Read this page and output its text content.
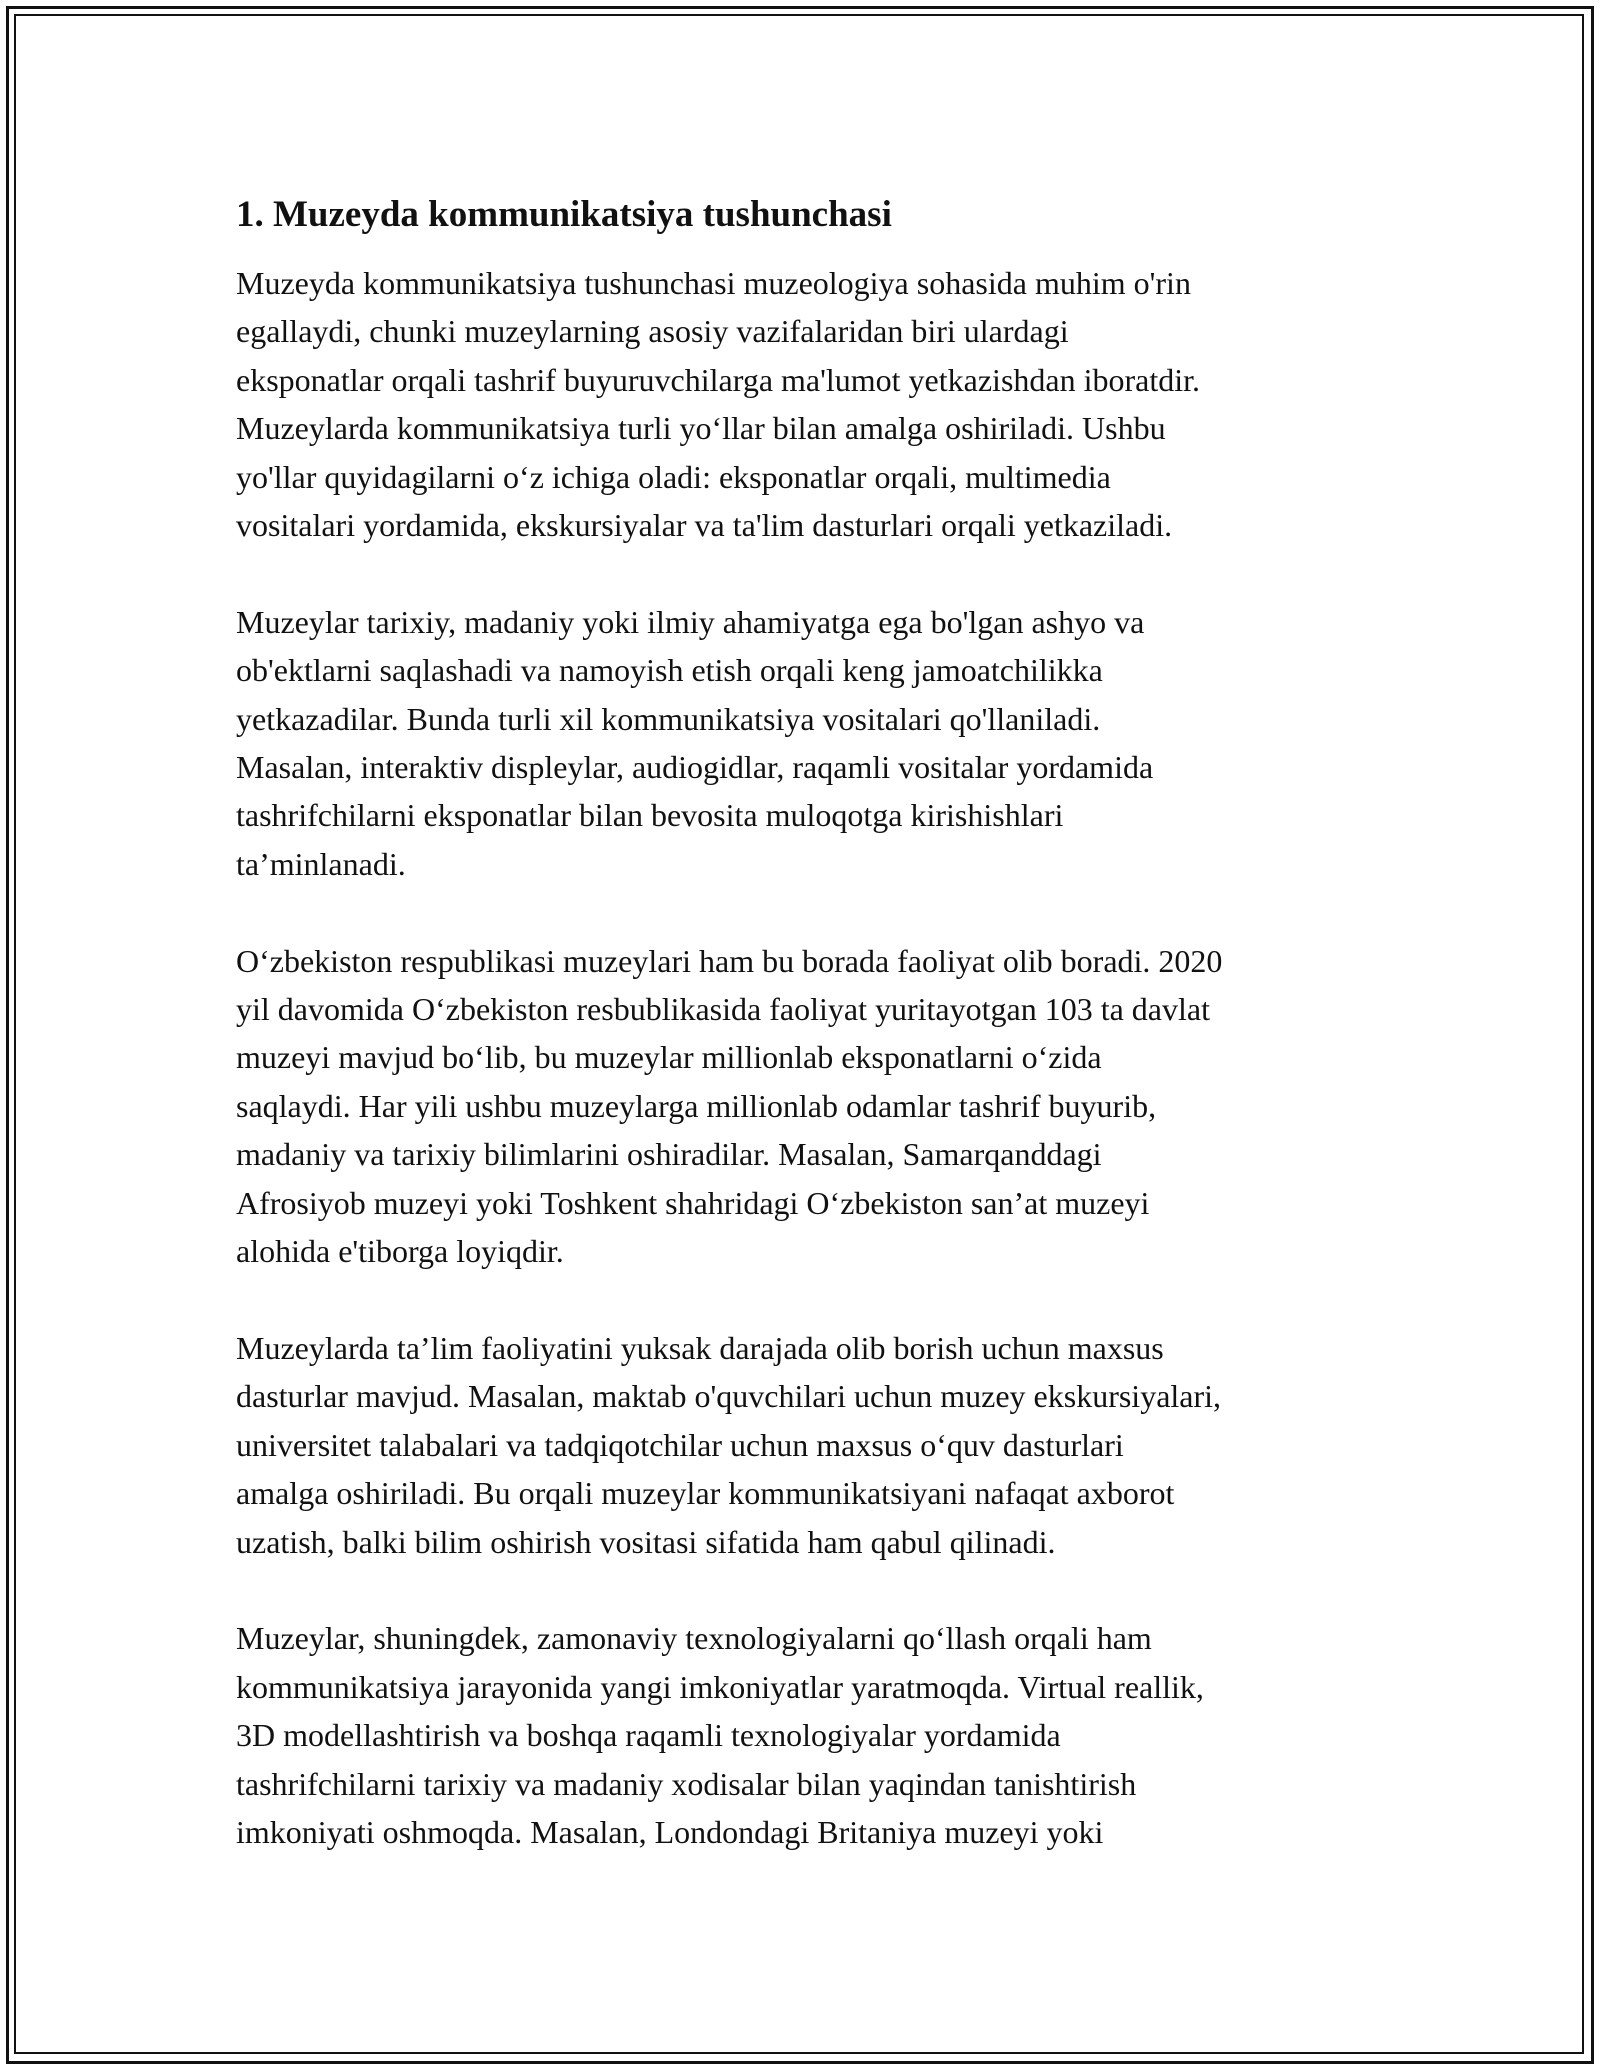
1. Muzeyda kommunikatsiya tushunchasi

Muzeyda kommunikatsiya tushunchasi muzeologiya sohasida muhim o'rin
egallaydi, chunki muzeylarning asosiy vazifalaridan biri ulardagi
eksponatlar orqali tashrif buyuruvchilarga ma'lumot yetkazishdan iboratdir.
Muzeylarda kommunikatsiya turli yo‘llar bilan amalga oshiriladi. Ushbu
yo'llar quyidagilarni o‘z ichiga oladi: eksponatlar orqali, multimedia
vositalari yordamida, ekskursiyalar va ta'lim dasturlari orqali yetkaziladi.

Muzeylar tarixiy, madaniy yoki ilmiy ahamiyatga ega bo'lgan ashyo va
ob'ektlarni saqlashadi va namoyish etish orqali keng jamoatchilikka
yetkazadilar. Bunda turli xil kommunikatsiya vositalari qo'llaniladi.
Masalan, interaktiv displeylar, audiogidlar, raqamli vositalar yordamida
tashrifchilarni eksponatlar bilan bevosita muloqotga kirishishlari
ta’minlanadi.

O‘zbekiston respublikasi muzeylari ham bu borada faoliyat olib boradi. 2020
yil davomida O‘zbekiston resbublikasida faoliyat yuritayotgan 103 ta davlat
muzeyi mavjud bo‘lib, bu muzeylar millionlab eksponatlarni o‘zida
saqlaydi. Har yili ushbu muzeylarga millionlab odamlar tashrif buyurib,
madaniy va tarixiy bilimlarini oshiradilar. Masalan, Samarqanddagi
Afrosiyob muzeyi yoki Toshkent shahridagi O‘zbekiston san’at muzeyi
alohida e'tiborga loyiqdir.

Muzeylarda ta’lim faoliyatini yuksak darajada olib borish uchun maxsus
dasturlar mavjud. Masalan, maktab o'quvchilari uchun muzey ekskursiyalari,
universitet talabalari va tadqiqotchilar uchun maxsus o‘quv dasturlari
amalga oshiriladi. Bu orqali muzeylar kommunikatsiyani nafaqat axborot
uzatish, balki bilim oshirish vositasi sifatida ham qabul qilinadi.

Muzeylar, shuningdek, zamonaviy texnologiyalarni qo‘llash orqali ham
kommunikatsiya jarayonida yangi imkoniyatlar yaratmoqda. Virtual reallik,
3D modellashtirish va boshqa raqamli texnologiyalar yordamida
tashrifchilarni tarixiy va madaniy xodisalar bilan yaqindan tanishtirish
imkoniyati oshmoqda. Masalan, Londondagi Britaniya muzeyi yoki
